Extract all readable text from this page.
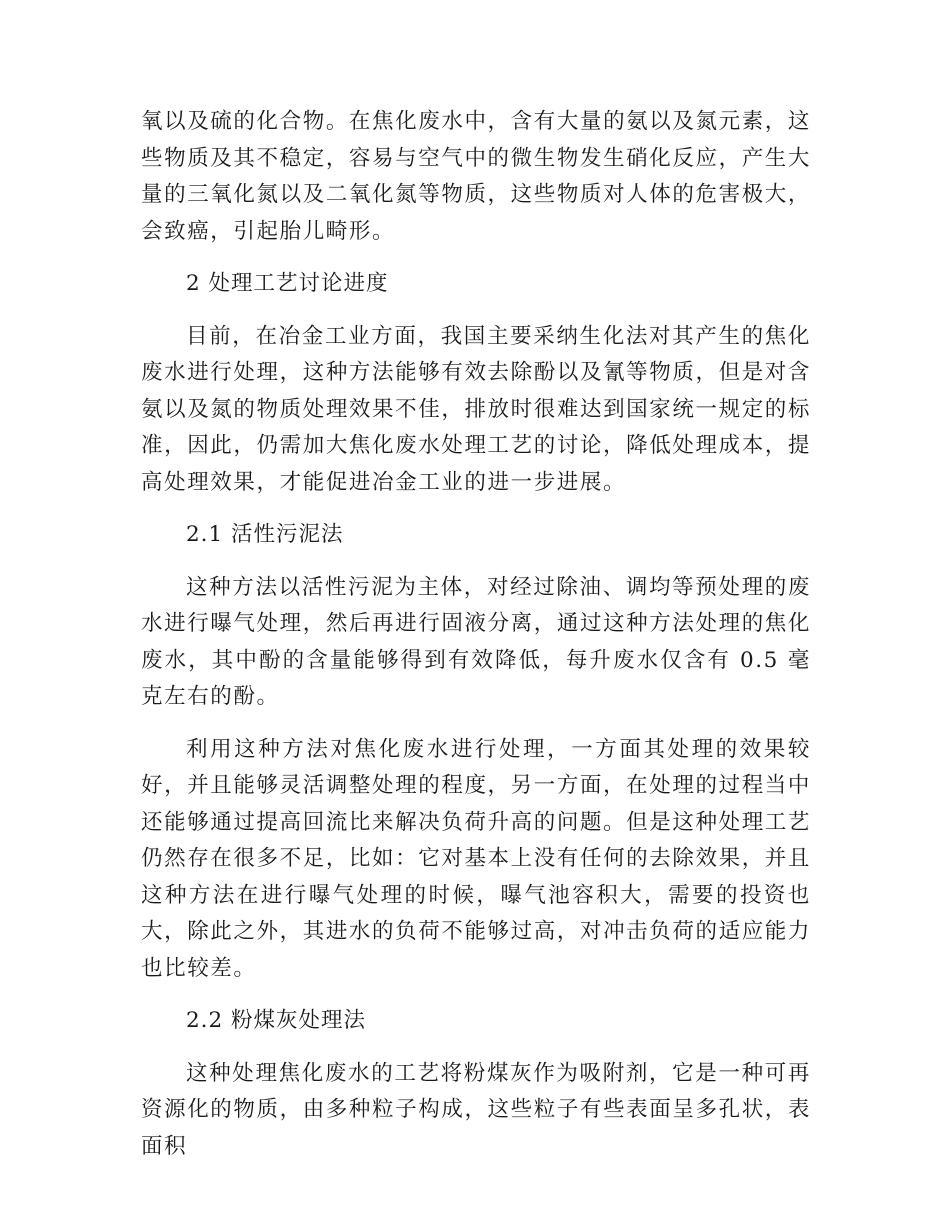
氧以及硫的化合物。在焦化废水中，含有大量的氨以及氮元素，这些物质及其不稳定，容易与空气中的微生物发生硝化反应，产生大量的三氧化氮以及二氧化氮等物质，这些物质对人体的危害极大，会致癌，引起胎儿畸形。

2 处理工艺讨论进度

目前，在冶金工业方面，我国主要采纳生化法对其产生的焦化废水进行处理，这种方法能够有效去除酚以及氰等物质，但是对含氨以及氮的物质处理效果不佳，排放时很难达到国家统一规定的标准，因此，仍需加大焦化废水处理工艺的讨论，降低处理成本，提高处理效果，才能促进冶金工业的进一步进展。

2.1 活性污泥法

这种方法以活性污泥为主体，对经过除油、调均等预处理的废水进行曝气处理，然后再进行固液分离，通过这种方法处理的焦化废水，其中酚的含量能够得到有效降低，每升废水仅含有 0.5 毫克左右的酚。

利用这种方法对焦化废水进行处理，一方面其处理的效果较好，并且能够灵活调整处理的程度，另一方面，在处理的过程当中还能够通过提高回流比来解决负荷升高的问题。但是这种处理工艺仍然存在很多不足，比如：它对基本上没有任何的去除效果，并且这种方法在进行曝气处理的时候，曝气池容积大，需要的投资也大，除此之外，其进水的负荷不能够过高，对冲击负荷的适应能力也比较差。

2.2 粉煤灰处理法

这种处理焦化废水的工艺将粉煤灰作为吸附剂，它是一种可再资源化的物质，由多种粒子构成，这些粒子有些表面呈多孔状，表面积
